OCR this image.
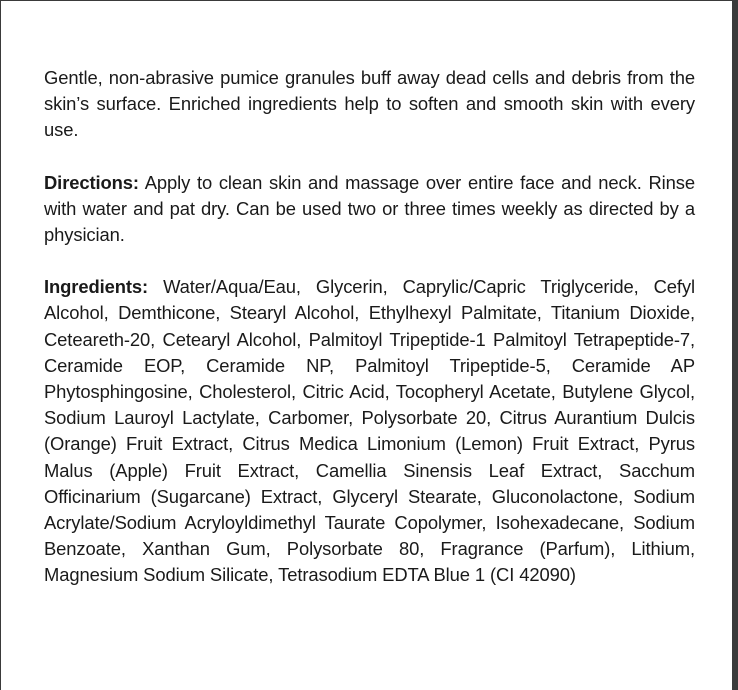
Gentle, non-abrasive pumice granules buff away dead cells and debris from the skin’s surface. Enriched ingredients help to soften and smooth skin with every use.

Directions: Apply to clean skin and massage over entire face and neck. Rinse with water and pat dry. Can be used two or three times weekly as directed by a physician.

Ingredients: Water/Aqua/Eau, Glycerin, Caprylic/Capric Triglyceride, Cefyl Alcohol, Demthicone, Stearyl Alcohol, Ethylhexyl Palmitate, Titanium Dioxide, Ceteareth-20, Cetearyl Alcohol, Palmitoyl Tripeptide-1 Palmitoyl Tetrapeptide-7, Ceramide EOP, Ceramide NP, Palmitoyl Tripeptide-5, Ceramide AP Phytosphingosine, Cholesterol, Citric Acid, Tocopheryl Acetate, Butylene Glycol, Sodium Lauroyl Lactylate, Carbomer, Polysorbate 20, Citrus Aurantium Dulcis (Orange) Fruit Extract, Citrus Medica Limonium (Lemon) Fruit Extract, Pyrus Malus (Apple) Fruit Extract, Camellia Sinensis Leaf Extract, Sacchum Officinarium (Sugarcane) Extract, Glyceryl Stearate, Gluconolactone, Sodium Acrylate/Sodium Acryloyldimethyl Taurate Copolymer, Isohexadecane, Sodium Benzoate, Xanthan Gum, Polysorbate 80, Fragrance (Parfum), Lithium, Magnesium Sodium Silicate, Tetrasodium EDTA Blue 1 (CI 42090)
